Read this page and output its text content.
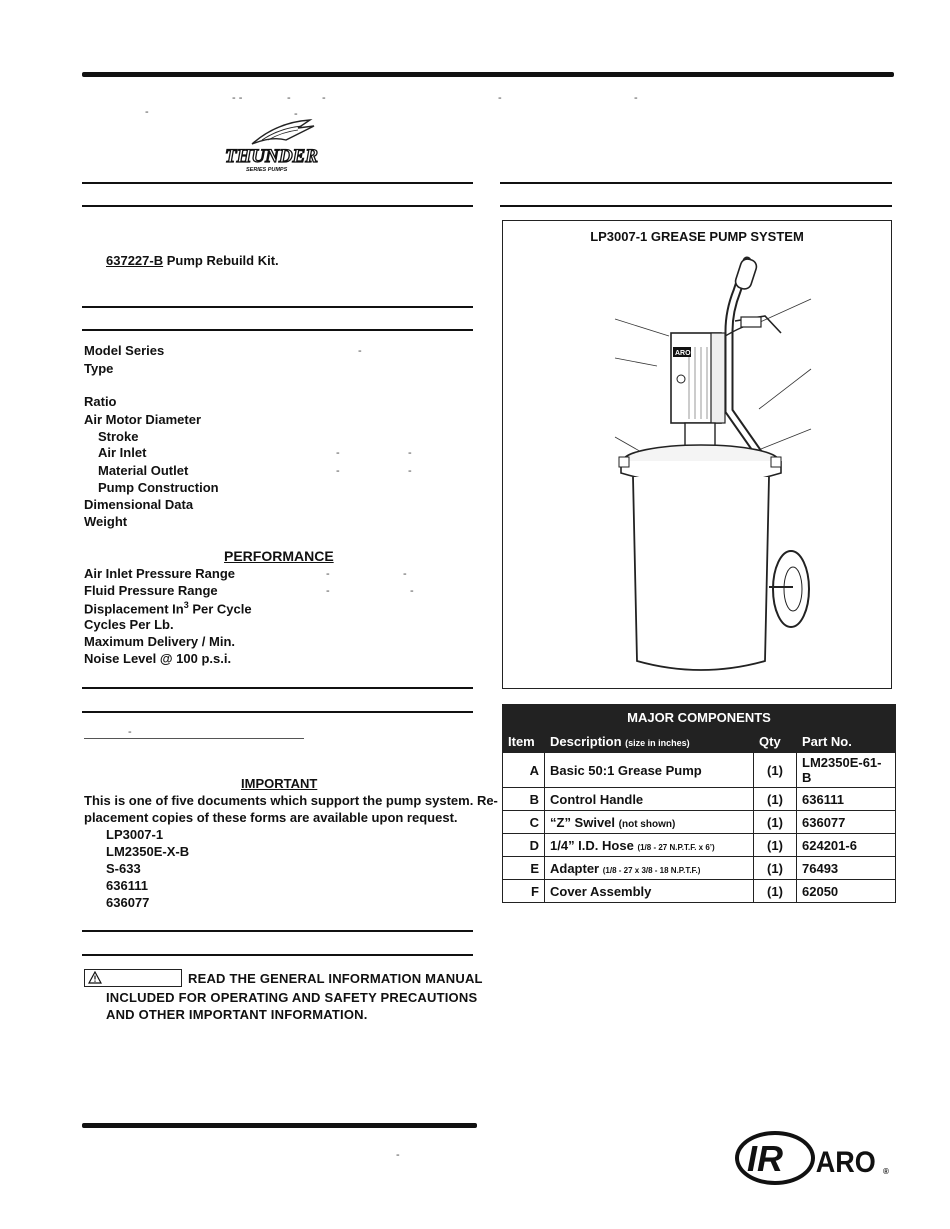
- -	-	-	-	-
-	-
THUNDER
SERIES PUMPS
637227-B Pump Rebuild Kit.
Model Series	-
Type
Ratio
Air Motor Diameter
Stroke
Air Inlet	-	-
Material Outlet	-	-
Pump Construction
Dimensional Data
Weight
PERFORMANCE
Air Inlet Pressure Range	-	-
Fluid Pressure Range	-	-
Displacement In$^3$ Per Cycle
Cycles Per Lb.
Maximum Delivery / Min.
Noise Level @ 100 p.s.i.
-
IMPORTANT
This is one of five documents which support the pump system. Re-
placement copies of these forms are available upon request.
LP3007-1
LM2350E-X-B
S-633
636111
636077
READ THE GENERAL INFORMATION MANUAL
INCLUDED FOR OPERATING AND SAFETY PRECAUTIONS
AND OTHER IMPORTANT INFORMATION.
-
LP3007-1 GREASE PUMP SYSTEM
ARO
MAJOR COMPONENTS			
Item	Description (size in inches)	Qty	Part No.
A	Basic 50:1 Grease Pump	(1)	LM2350E-61-B
B	Control Handle	(1)	636111
C	“Z” Swivel (not shown)	(1)	636077
D	1/4” I.D. Hose (1/8 - 27 N.P.T.F. x 6’)	(1)	624201-6
E	Adapter (1/8 - 27 x 3/8 - 18 N.P.T.F.)	(1)	76493
F	Cover Assembly	(1)	62050
IR ARO ®
